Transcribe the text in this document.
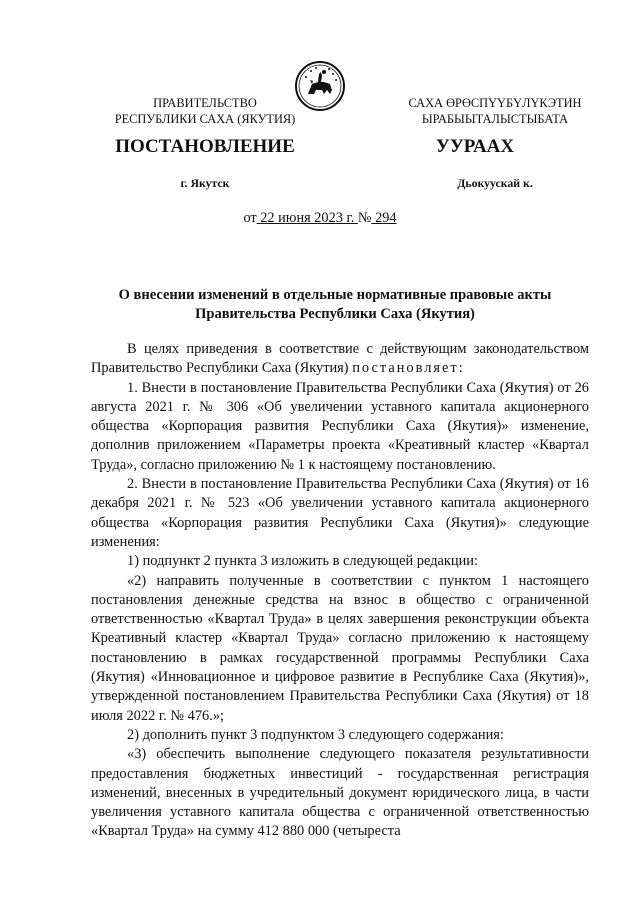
ПРАВИТЕЛЬСТВО
РЕСПУБЛИКИ САХА (ЯКУТИЯ)
САХА ӨРӨСПҮҮБҮЛҮКЭТИН
ЫРАБЫЫТАЛЫСТЫБАТА
ПОСТАНОВЛЕНИЕ	УУРААХ
г. Якутск	Дьокуускай к.
от 22 июня 2023 г. № 294
О внесении изменений в отдельные нормативные правовые акты
Правительства Республики Саха (Якутия)

В целях приведения в соответствие с действующим законодательством Правительство Республики Саха (Якутия) постановляет:

1. Внести в постановление Правительства Республики Саха (Якутия) от 26 августа 2021 г. № 306 «Об увеличении уставного капитала акционерного общества «Корпорация развития Республики Саха (Якутия)» изменение, дополнив приложением «Параметры проекта «Креативный кластер «Квартал Труда», согласно приложению № 1 к настоящему постановлению.

2. Внести в постановление Правительства Республики Саха (Якутия) от 16 декабря 2021 г. № 523 «Об увеличении уставного капитала акционерного общества «Корпорация развития Республики Саха (Якутия)» следующие изменения:

1) подпункт 2 пункта 3 изложить в следующей редакции:

«2) направить полученные в соответствии с пунктом 1 настоящего постановления денежные средства на взнос в общество с ограниченной ответственностью «Квартал Труда» в целях завершения реконструкции объекта Креативный кластер «Квартал Труда» согласно приложению к настоящему постановлению в рамках государственной программы Республики Саха (Якутия) «Инновационное и цифровое развитие в Республике Саха (Якутия)», утвержденной постановлением Правительства Республики Саха (Якутия) от 18 июля 2022 г. № 476.»;

2) дополнить пункт 3 подпунктом 3 следующего содержания:

«3) обеспечить выполнение следующего показателя результативности предоставления бюджетных инвестиций - государственная регистрация изменений, внесенных в учредительный документ юридического лица, в части увеличения уставного капитала общества с ограниченной ответственностью «Квартал Труда» на сумму 412 880 000 (четыреста
